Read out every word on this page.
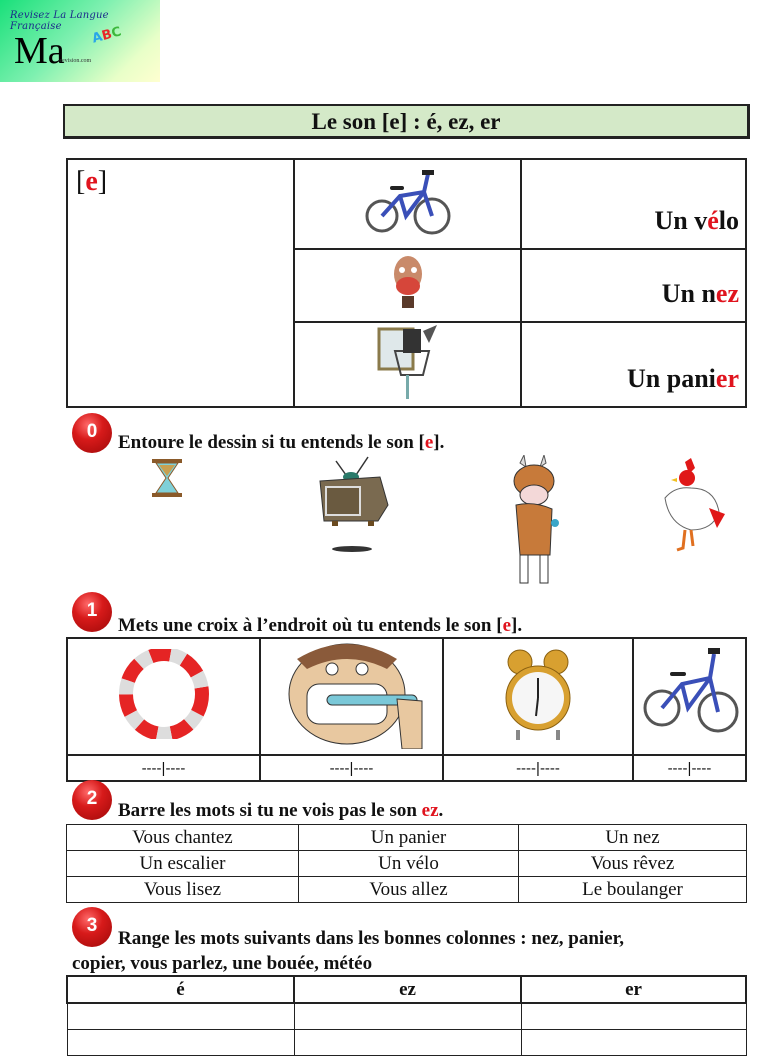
Revisez La Langue Française
Ma ABC
-revision.com
Le son [e] : é, ez, er
[e]		Un vélo
	Un nez
	Un panier
0
Entoure le dessin si tu entends le son [e].
1
Mets une croix à l’endroit où tu entends le son [e].

----|----	----|----	----|----	----|----
2
Barre les mots si tu ne vois pas le son ez.
Vous chantez	Un panier	Un nez
Un escalier	Un vélo	Vous rêvez
Vous lisez	Vous allez	Le boulanger
3
Range les mots suivants dans les bonnes colonnes : nez, panier,
copier, vous parlez, une bouée, météo
é	ez	er
